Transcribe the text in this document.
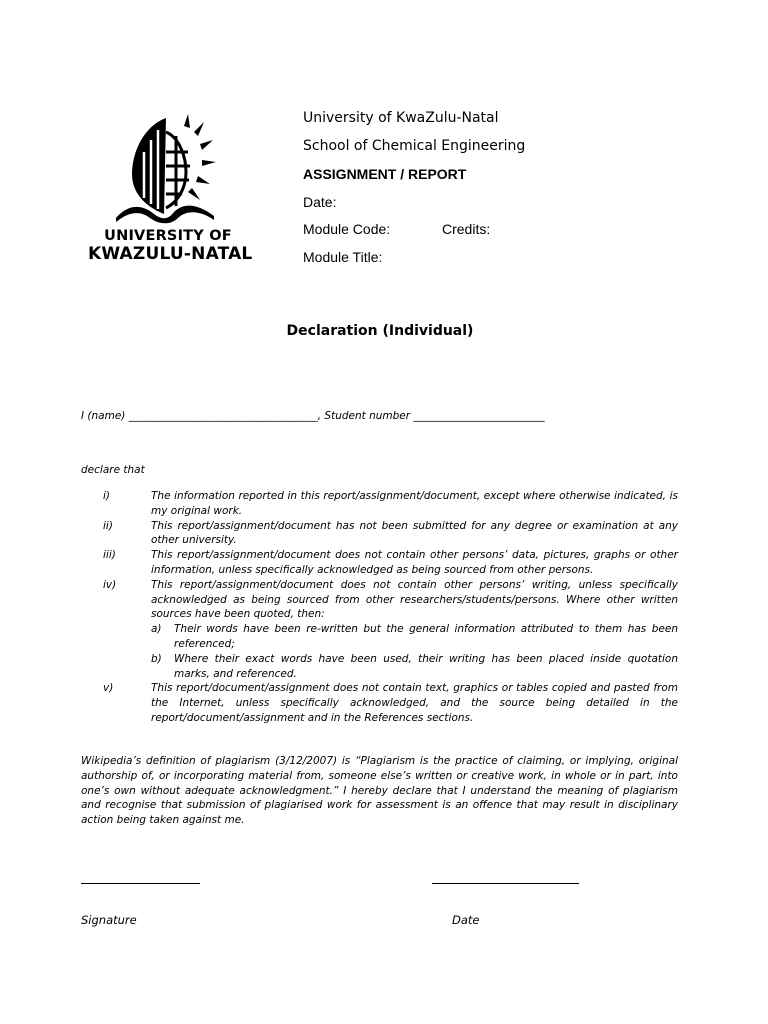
UNIVERSITY OF
KWAZULU-NATAL
University of KwaZulu-Natal
School of Chemical Engineering
ASSIGNMENT / REPORT
Date:
Module Code:	Credits:
Module Title:
Declaration (Individual)
I (name) ____________________________________, Student number _________________________
declare that
i)	The information reported in this report/assignment/document, except where otherwise indicated, is my original work.
ii)	This report/assignment/document has not been submitted for any degree or examination at any other university.
iii)	This report/assignment/document does not contain other persons’ data, pictures, graphs or other information, unless specifically acknowledged as being sourced from other persons.
iv)	This report/assignment/document does not contain other persons’ writing, unless specifically acknowledged as being sourced from other researchers/students/persons. Where other written sources have been quoted, then:
a) Their words have been re-written but the general information attributed to them has been referenced;
b) Where their exact words have been used, their writing has been placed inside quotation marks, and referenced.
v)	This report/document/assignment does not contain text, graphics or tables copied and pasted from the Internet, unless specifically acknowledged, and the source being detailed in the report/document/assignment and in the References sections.
Wikipedia’s definition of plagiarism (3/12/2007) is “Plagiarism is the practice of claiming, or implying, original authorship of, or incorporating material from, someone else’s written or creative work, in whole or in part, into one’s own without adequate acknowledgment.” I hereby declare that I understand the meaning of plagiarism and recognise that submission of plagiarised work for assessment is an offence that may result in disciplinary action being taken against me.
Signature	Date
